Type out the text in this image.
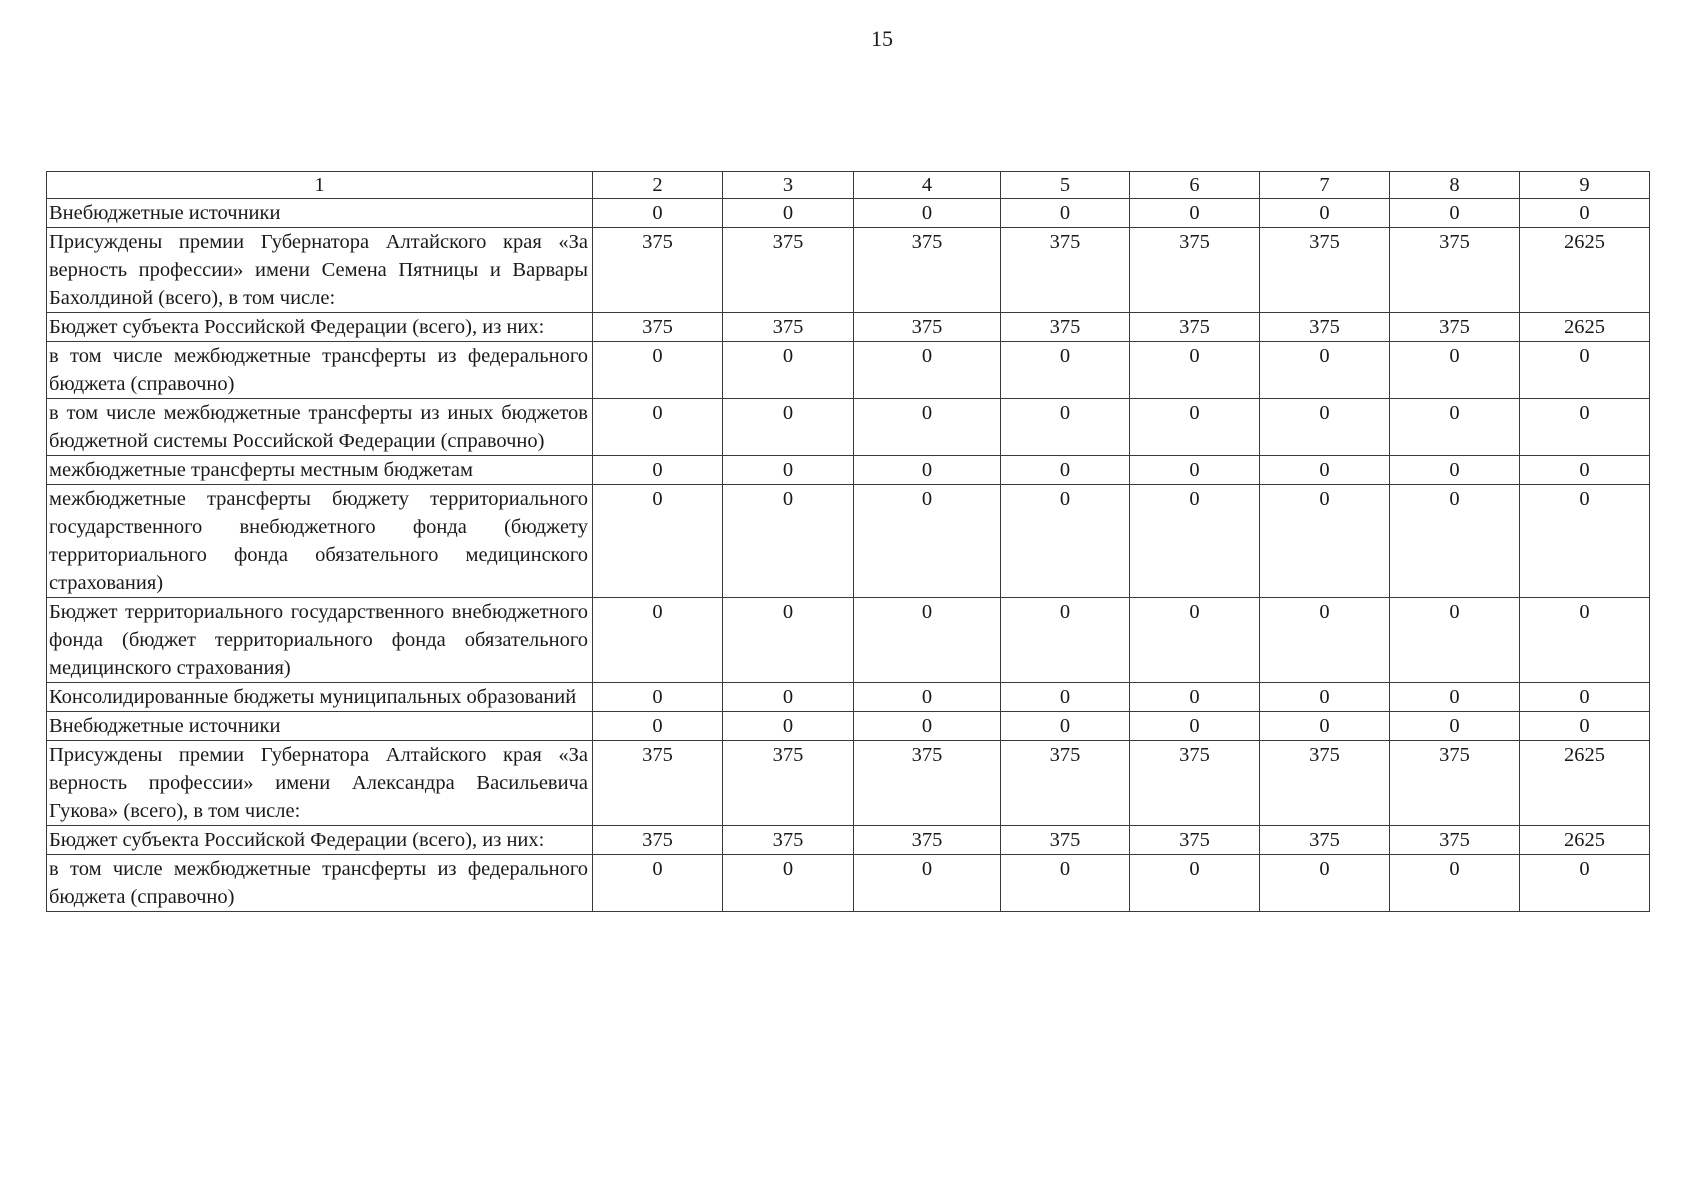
15
1	2	3	4	5	6	7	8	9
Внебюджетные источники	0	0	0	0	0	0	0	0
Присуждены премии Губернатора Алтайского края «За верность профессии» имени Семена Пятницы и Варвары Бахолдиной (всего), в том числе:	375	375	375	375	375	375	375	2625
Бюджет субъекта Российской Федерации (всего), из них:	375	375	375	375	375	375	375	2625
в том числе межбюджетные трансферты из федерального бюджета (справочно)	0	0	0	0	0	0	0	0
в том числе межбюджетные трансферты из иных бюджетов бюджетной системы Российской Федерации (справочно)	0	0	0	0	0	0	0	0
межбюджетные трансферты местным бюджетам	0	0	0	0	0	0	0	0
межбюджетные трансферты бюджету территориального государственного внебюджетного фонда (бюджету территориального фонда обязательного медицинского страхования)	0	0	0	0	0	0	0	0
Бюджет территориального государственного внебюджетного фонда (бюджет территориального фонда обязательного медицинского страхования)	0	0	0	0	0	0	0	0
Консолидированные бюджеты муниципальных образований	0	0	0	0	0	0	0	0
Внебюджетные источники	0	0	0	0	0	0	0	0
Присуждены премии Губернатора Алтайского края «За верность профессии» имени Александра Васильевича Гукова» (всего), в том числе:	375	375	375	375	375	375	375	2625
Бюджет субъекта Российской Федерации (всего), из них:	375	375	375	375	375	375	375	2625
в том числе межбюджетные трансферты из федерального бюджета (справочно)	0	0	0	0	0	0	0	0
